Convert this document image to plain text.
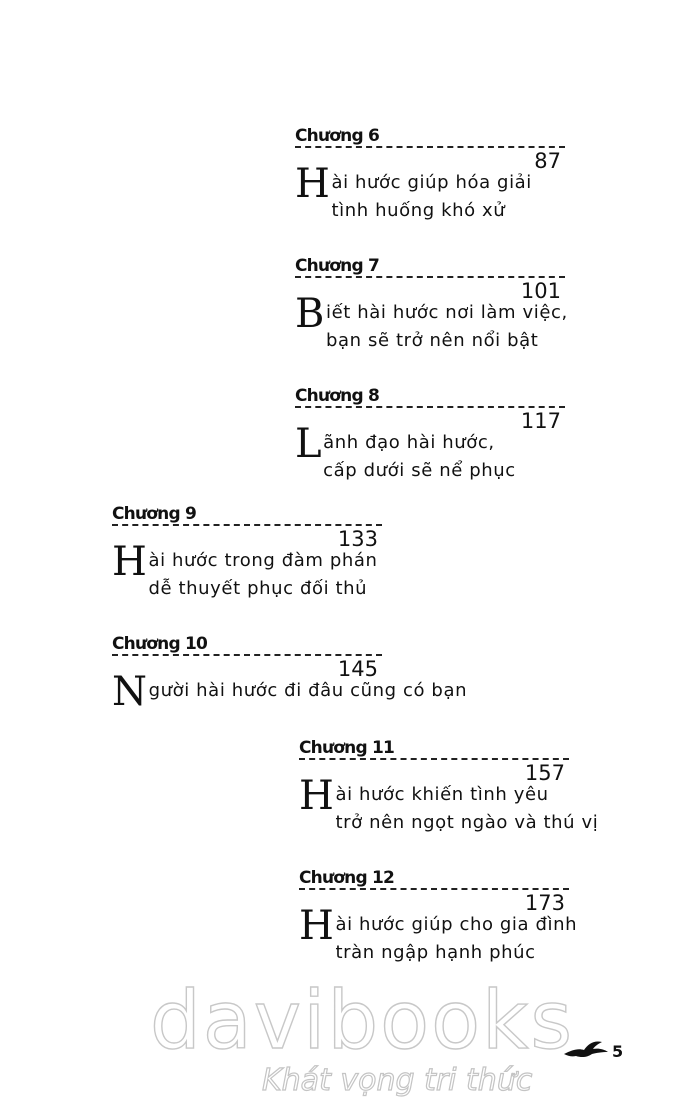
Chương 6
87
H ài hước giúp hóa giải
tình huống khó xử
Chương 7
101
B iết hài hước nơi làm việc,
bạn sẽ trở nên nổi bật
Chương 8
117
L ãnh đạo hài hước,
cấp dưới sẽ nể phục
Chương 9
133
H ài hước trong đàm phán
dễ thuyết phục đối thủ
Chương 10
145
N gười hài hước đi đâu cũng có bạn
Chương 11
157
H ài hước khiến tình yêu
trở nên ngọt ngào và thú vị
Chương 12
173
H ài hước giúp cho gia đình
tràn ngập hạnh phúc
davibooks
Khát vọng tri thức
5
